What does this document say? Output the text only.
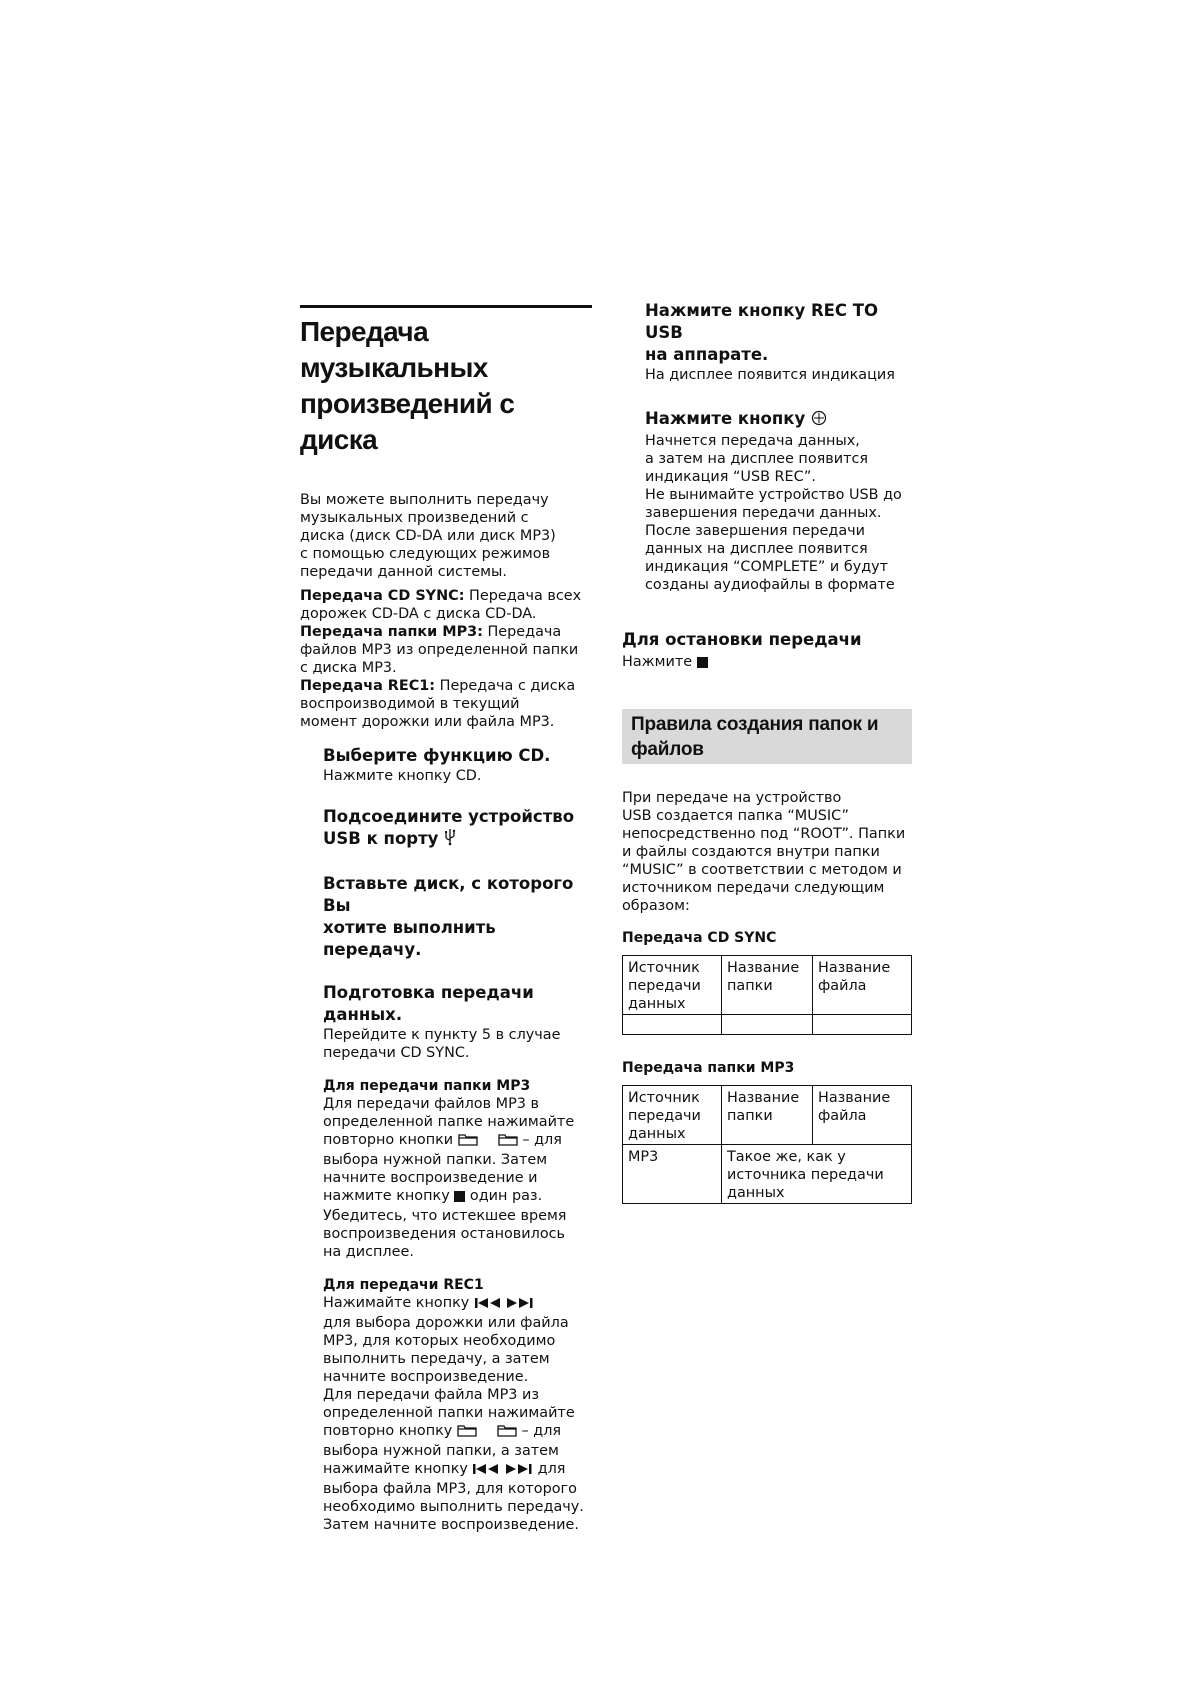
Передача музыкальных
произведений с диска

Вы можете выполнить передачу
музыкальных произведений с
диска (диск CD-DA или диск MP3)
с помощью следующих режимов
передачи данной системы.

Передача CD SYNC: Передача всех
дорожек CD-DA с диска CD-DA.
Передача папки MP3: Передача
файлов MP3 из определенной папки
с диска MP3.
Передача REC1: Передача с диска
воспроизводимой в текущий
момент дорожки или файла MP3.

Выберите функцию CD.

Нажмите кнопку CD.

Подсоедините устройство
USB к порту

Вставьте диск, с которого Вы
хотите выполнить передачу.

Подготовка передачи
данных.

Перейдите к пункту 5 в случае
передачи CD SYNC.

Для передачи папки MP3

Для передачи файлов MP3 в
определенной папке нажимайте
повторно кнопки	– для
выбора нужной папки. Затем
начните воспроизведение и
нажмите кнопку  один раз.
Убедитесь, что истекшее время
воспроизведения остановилось
на дисплее.

Для передачи REC1

Нажимайте кнопку
для выбора дорожки или файла
MP3, для которых необходимо
выполнить передачу, а затем
начните воспроизведение.
Для передачи файла MP3 из
определенной папки нажимайте
повторно кнопку	– для
выбора нужной папки, а затем
нажимайте кнопку	для
выбора файла MP3, для которого
необходимо выполнить передачу.
Затем начните воспроизведение.

Нажмите кнопку REC TO USB
на аппарате.

На дисплее появится индикация

Нажмите кнопку

Начнется передача данных,
а затем на дисплее появится
индикация “USB REC”.
Не вынимайте устройство USB до
завершения передачи данных.
После завершения передачи
данных на дисплее появится
индикация “COMPLETE” и будут
созданы аудиофайлы в формате

Для остановки передачи

Нажмите

Правила создания папок и
файлов

При передаче на устройство
USB создается папка “MUSIC”
непосредственно под “ROOT”. Папки
и файлы создаются внутри папки
“MUSIC” в соответствии с методом и
источником передачи следующим
образом:

Передача CD SYNC

Источник
передачи
данных	Название
папки	Название
файла

Передача папки MP3

Источник
передачи
данных	Название
папки	Название
файла
MP3	Такое же, как у
источника передачи
данных	
